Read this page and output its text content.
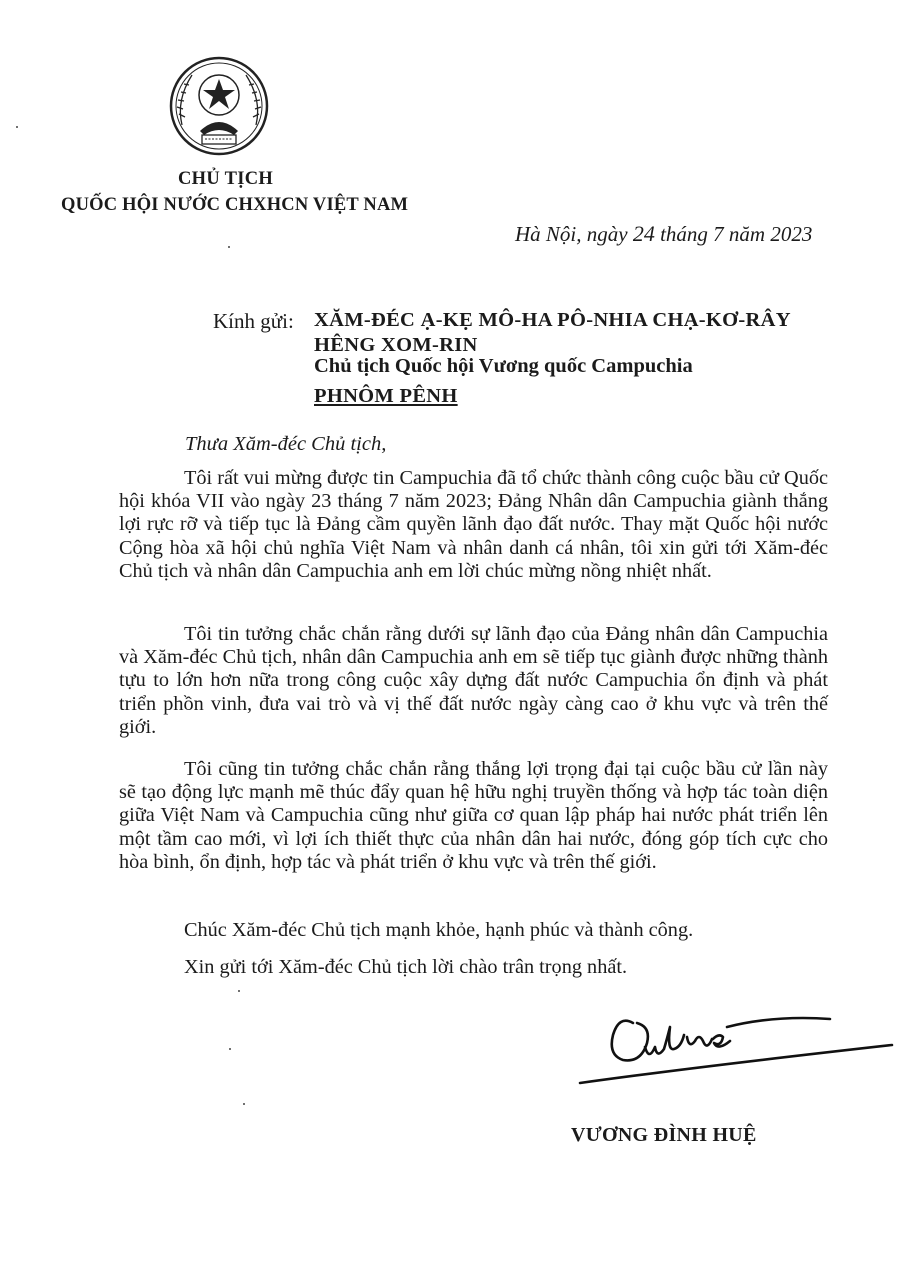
CHỦ TỊCH
QUỐC HỘI NƯỚC CHXHCN VIỆT NAM
Hà Nội, ngày 24 tháng 7 năm 2023
Kính gửi: XĂM-ĐÉC Ạ-KẸ MÔ-HA PÔ-NHIA CHẠ-KƠ-RÂY
HÊNG XOM-RIN
Chủ tịch Quốc hội Vương quốc Campuchia
PHNÔM PÊNH
Thưa Xăm-đéc Chủ tịch,

Tôi rất vui mừng được tin Campuchia đã tổ chức thành công cuộc bầu cử Quốc hội khóa VII vào ngày 23 tháng 7 năm 2023; Đảng Nhân dân Campuchia giành thắng lợi rực rỡ và tiếp tục là Đảng cầm quyền lãnh đạo đất nước. Thay mặt Quốc hội nước Cộng hòa xã hội chủ nghĩa Việt Nam và nhân danh cá nhân, tôi xin gửi tới Xăm-đéc Chủ tịch và nhân dân Campuchia anh em lời chúc mừng nồng nhiệt nhất.

Tôi tin tưởng chắc chắn rằng dưới sự lãnh đạo của Đảng nhân dân Campuchia và Xăm-đéc Chủ tịch, nhân dân Campuchia anh em sẽ tiếp tục giành được những thành tựu to lớn hơn nữa trong công cuộc xây dựng đất nước Campuchia ổn định và phát triển phồn vinh, đưa vai trò và vị thế đất nước ngày càng cao ở khu vực và trên thế giới.

Tôi cũng tin tưởng chắc chắn rằng thắng lợi trọng đại tại cuộc bầu cử lần này sẽ tạo động lực mạnh mẽ thúc đẩy quan hệ hữu nghị truyền thống và hợp tác toàn diện giữa Việt Nam và Campuchia cũng như giữa cơ quan lập pháp hai nước phát triển lên một tầm cao mới, vì lợi ích thiết thực của nhân dân hai nước, đóng góp tích cực cho hòa bình, ổn định, hợp tác và phát triển ở khu vực và trên thế giới.

Chúc Xăm-đéc Chủ tịch mạnh khỏe, hạnh phúc và thành công.
Xin gửi tới Xăm-đéc Chủ tịch lời chào trân trọng nhất.
VƯƠNG ĐÌNH HUỆ
